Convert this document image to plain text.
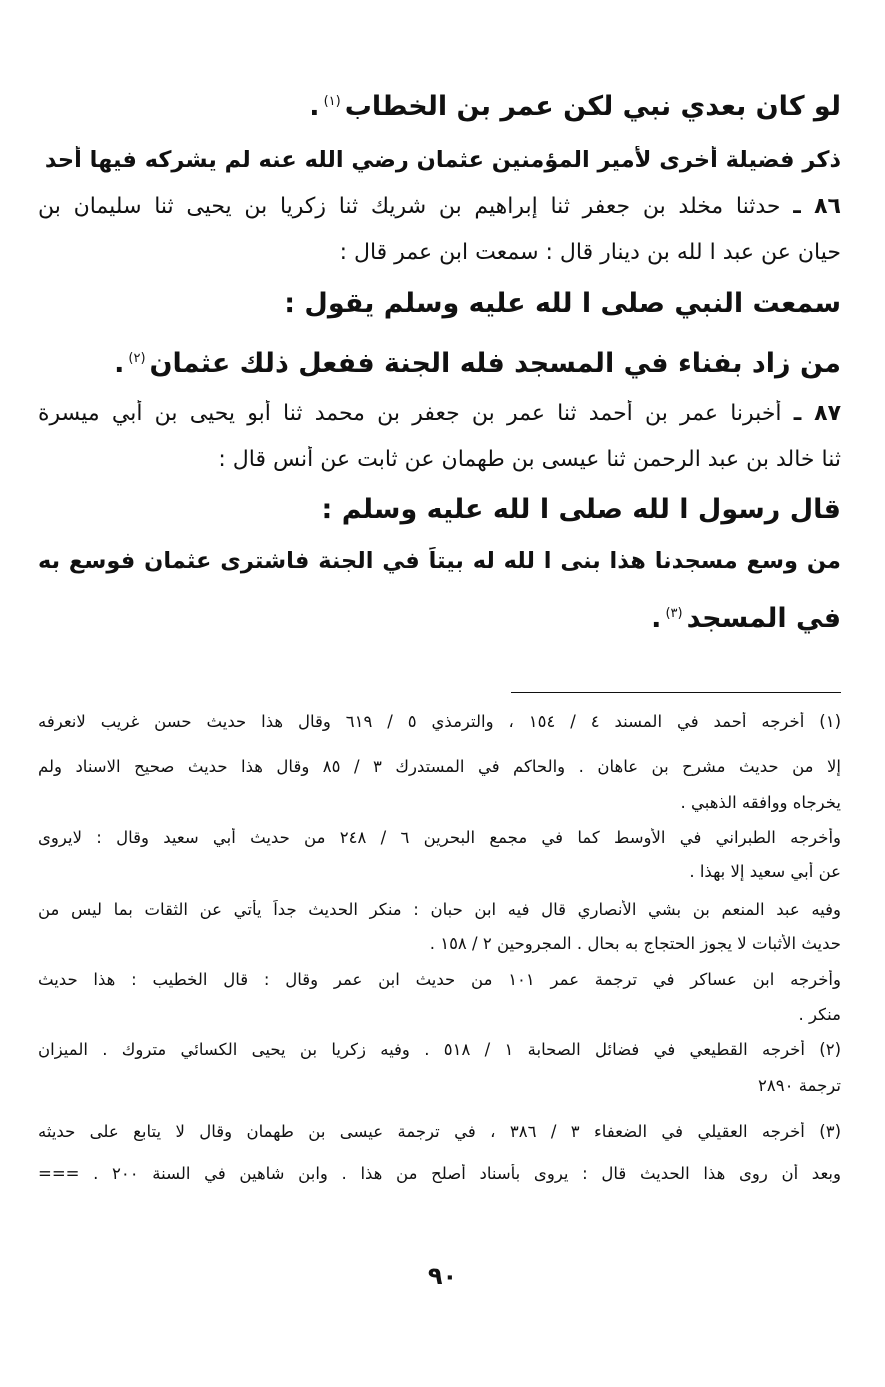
لو كان بعدي نبي لكن عمر بن الخطاب$^{(١)}$.

ذكر فضيلة أخرى لأمير المؤمنين عثمان رضي الله عنه لم يشركه فيها أحد

٨٦ ـ حدثنا مخلد بن جعفر ثنا إبراهيم بن شريك ثنا زكريا بن يحيى ثنا سليمان بن

حيان عن عبد ا لله بن دينار قال : سمعت ابن عمر قال :

سمعت النبي صلى ا لله عليه وسلم يقول :

من زاد بفناء في المسجد فله الجنة ففعل ذلك عثمان$^{(٢)}$.

٨٧ ـ أخبرنا عمر بن أحمد ثنا عمر بن جعفر بن محمد ثنا أبو يحيى بن أبي ميسرة

ثنا خالد بن عبد الرحمن ثنا عيسى بن طهمان عن ثابت عن أنس قال :

قال رسول ا لله صلى ا لله عليه وسلم :

من وسع مسجدنا هذا بنى ا لله له بيتاً في الجنة فاشترى عثمان فوسع به

في المسجد$^{(٣)}$.

(١) أخرجه أحمد في المسند ٤ / ١٥٤ ، والترمذي ٥ / ٦١٩ وقال هذا حديث حسن غريب لانعرفه

إلا من حديث مشرح بن عاهان . والحاكم في المستدرك ٣ / ٨٥ وقال هذا حديث صحيح الاسناد ولم

يخرجاه ووافقه الذهبي .

وأخرجه الطبراني في الأوسط كما في مجمع البحرين ٦ / ٢٤٨ من حديث أبي سعيد وقال : لايروى

عن أبي سعيد إلا بهذا .

وفيه عبد المنعم بن بشي الأنصاري قال فيه ابن حبان : منكر الحديث جداً يأتي عن الثقات بما ليس من

حديث الأثبات لا يجوز الحتجاج به بحال . المجروحين ٢ / ١٥٨ .

وأخرجه ابن عساكر في ترجمة عمر ١٠١ من حديث ابن عمر وقال : قال الخطيب : هذا حديث

منكر .

(٢) أخرجه القطيعي في فضائل الصحابة ١ / ٥١٨ . وفيه زكريا بن يحيى الكسائي متروك . الميزان

ترجمة ٢٨٩٠

(٣) أخرجه العقيلي في الضعفاء ٣ / ٣٨٦ ، في ترجمة عيسى بن طهمان وقال لا يتابع على حديثه

وبعد أن روى هذا الحديث قال : يروى بأسناد أصلح من هذا . وابن شاهين في السنة ٢٠٠ . ===

٩٠
